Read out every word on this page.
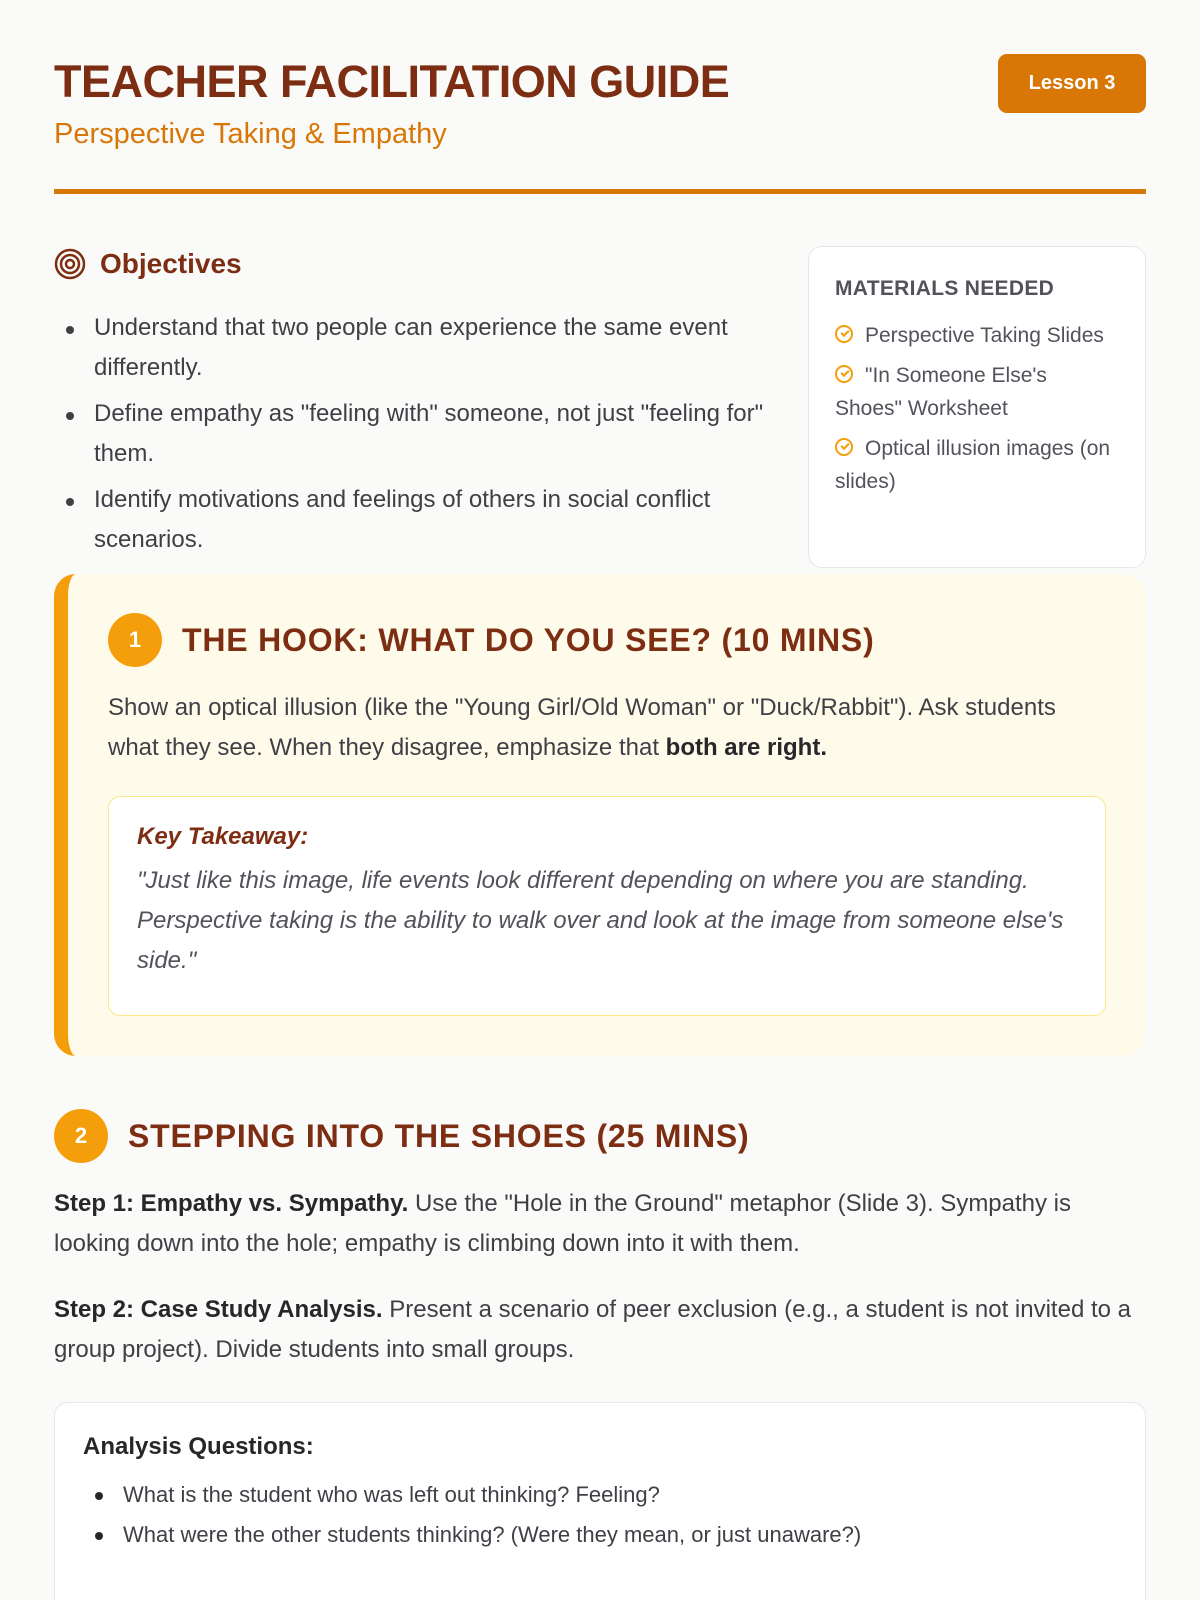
TEACHER FACILITATION GUIDE
Perspective Taking & Empathy
Lesson 3
Objectives
Understand that two people can experience the same event differently.
Define empathy as "feeling with" someone, not just "feeling for" them.
Identify motivations and feelings of others in social conflict scenarios.
MATERIALS NEEDED
Perspective Taking Slides
"In Someone Else's Shoes" Worksheet
Optical illusion images (on slides)
1	THE HOOK: WHAT DO YOU SEE? (10 MINS)

Show an optical illusion (like the "Young Girl/Old Woman" or "Duck/Rabbit"). Ask students what they see. When they disagree, emphasize that both are right.

Key Takeaway:
"Just like this image, life events look different depending on where you are standing. Perspective taking is the ability to walk over and look at the image from someone else's side."
2	STEPPING INTO THE SHOES (25 MINS)

Step 1: Empathy vs. Sympathy. Use the "Hole in the Ground" metaphor (Slide 3). Sympathy is looking down into the hole; empathy is climbing down into it with them.

Step 2: Case Study Analysis. Present a scenario of peer exclusion (e.g., a student is not invited to a group project). Divide students into small groups.

Analysis Questions:
What is the student who was left out thinking? Feeling?
What were the other students thinking? (Were they mean, or just unaware?)
